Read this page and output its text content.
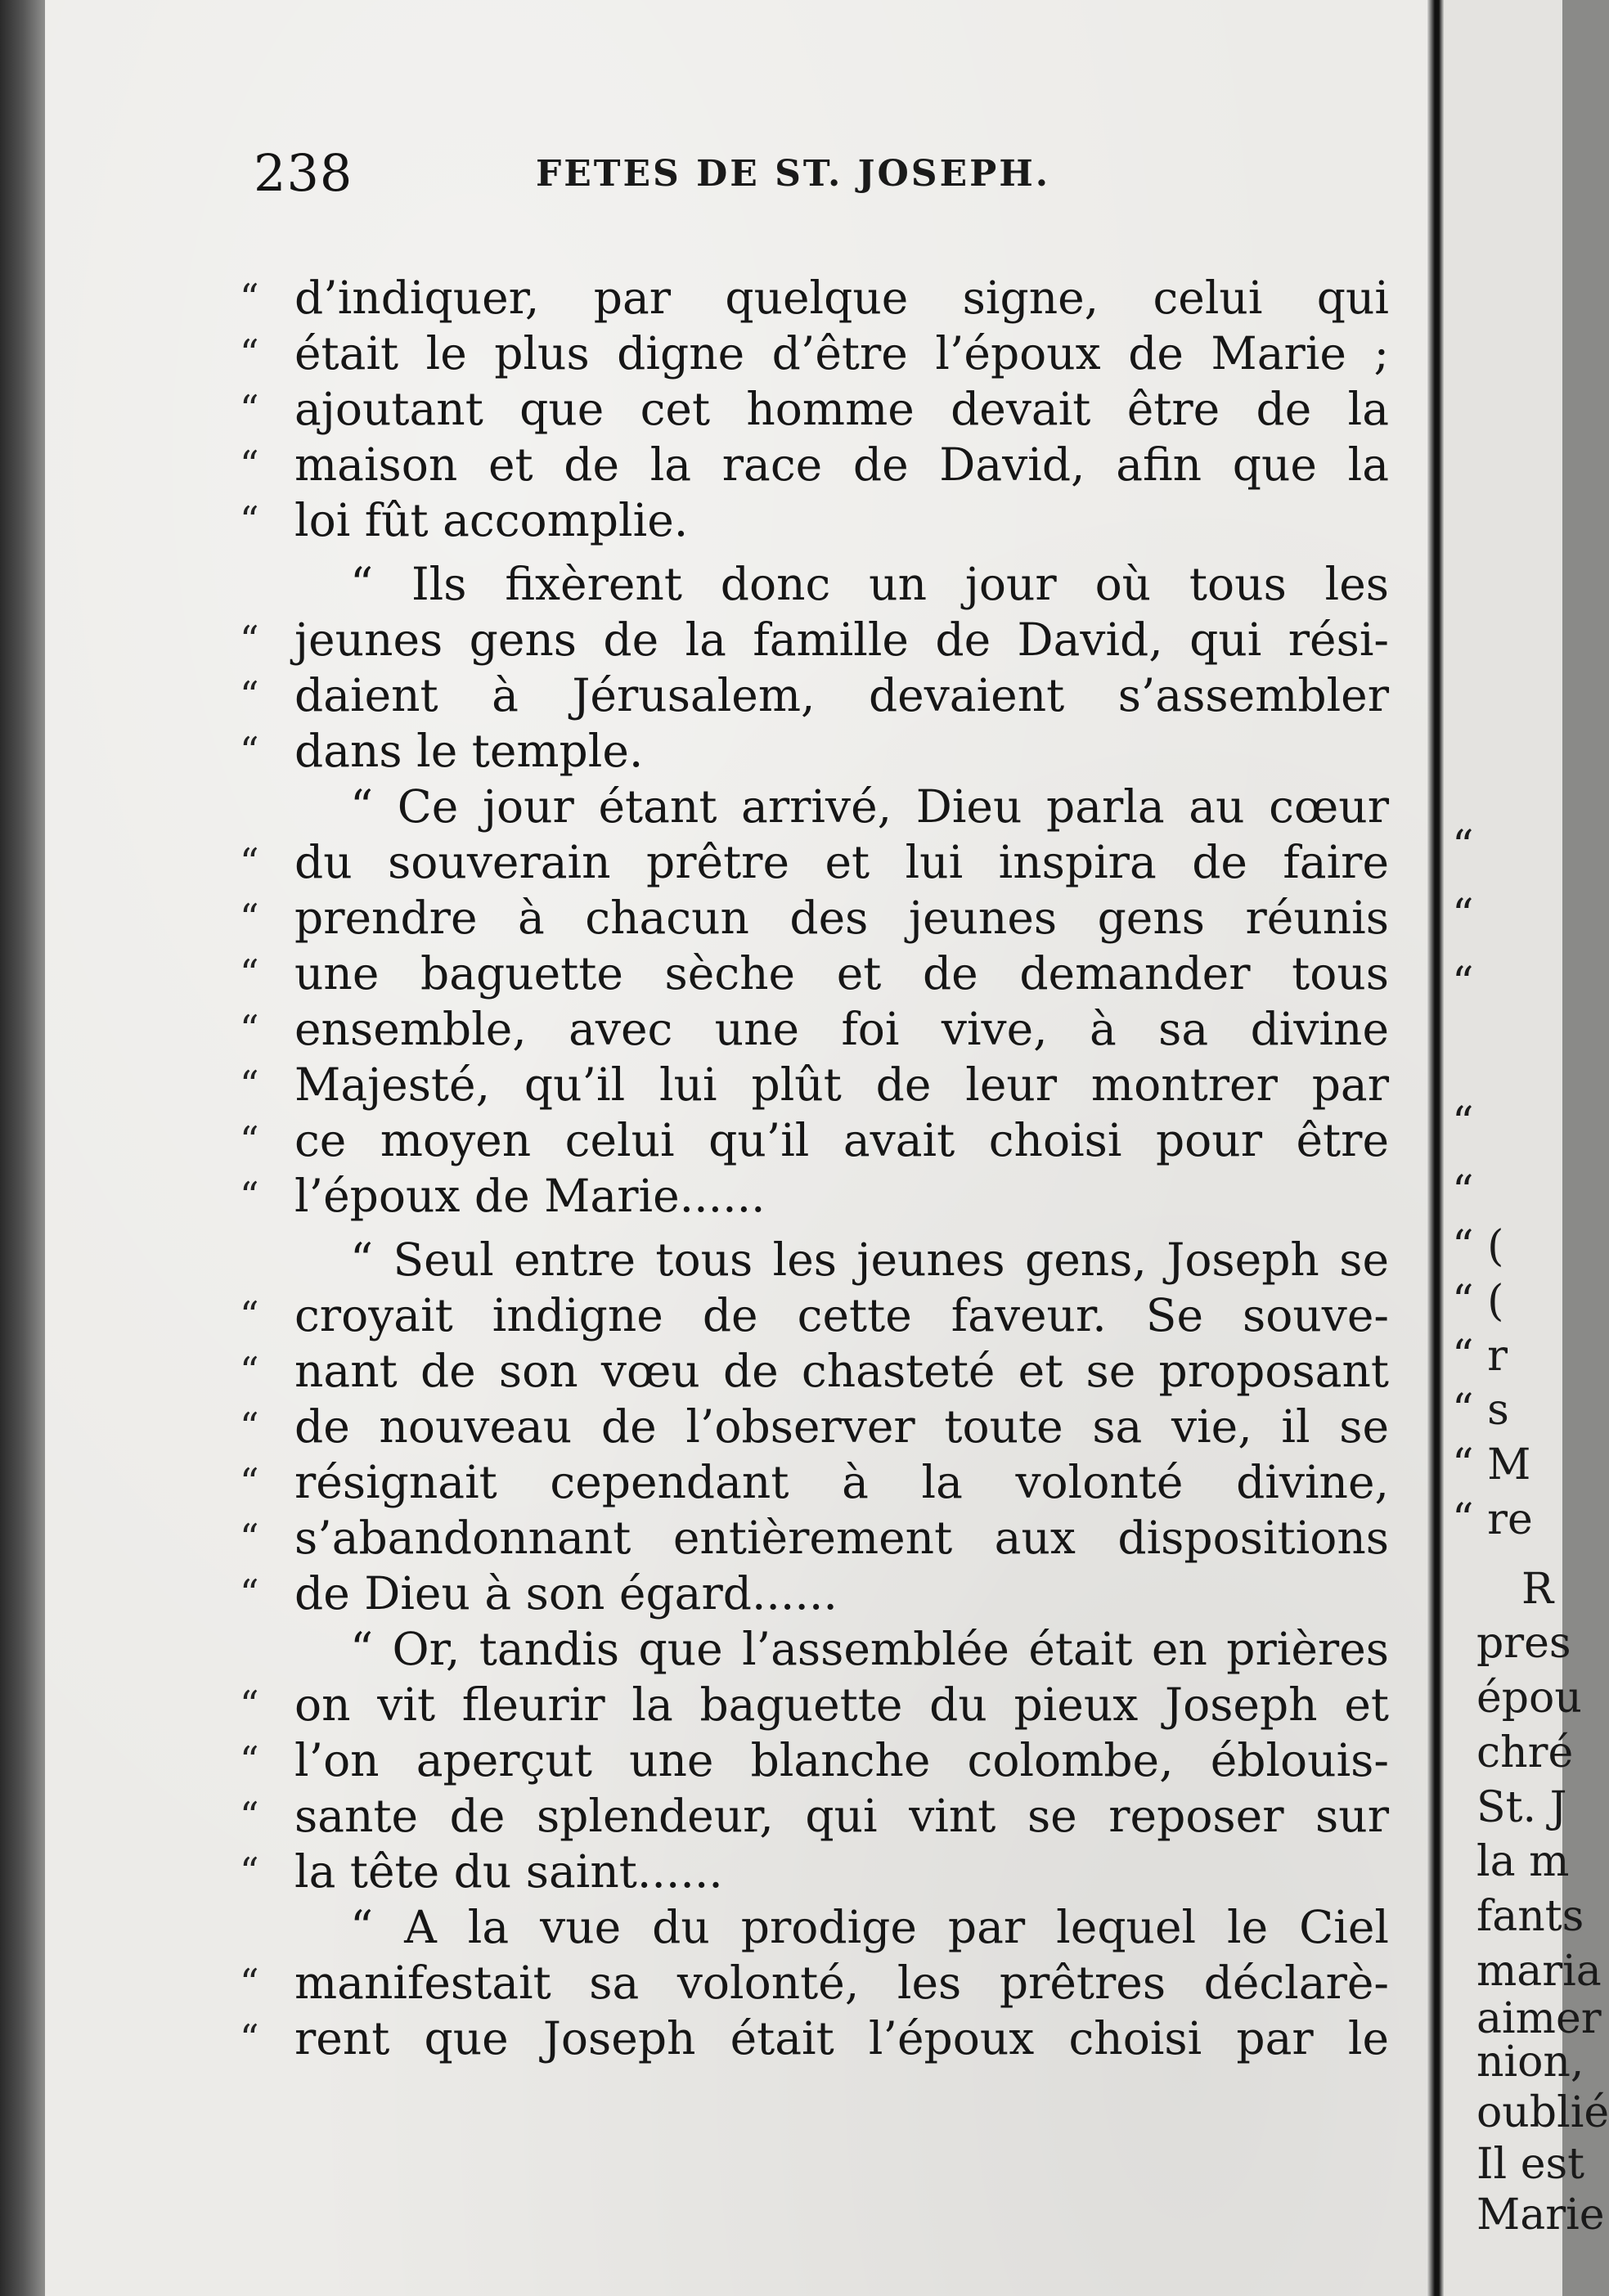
“
“
“
“
“
“ (
“ (
“ r
“ s
“ M
“ re
R
pres
épou
chré
St. J
la m
fants
maria
aimer
nion,
oublié
Il est
Marie
238	FETES DE ST. JOSEPH.
“ d’indiquer, par quelque signe, celui qui
“ était le plus digne d’être l’époux de Marie ;
“ ajoutant que cet homme devait être de la
“ maison et de la race de David, afin que la
“ loi fût accomplie.
“ Ils fixèrent donc un jour où tous les
“ jeunes gens de la famille de David, qui rési-
“ daient à Jérusalem, devaient s’assembler
“ dans le temple.
“ Ce jour étant arrivé, Dieu parla au cœur
“ du souverain prêtre et lui inspira de faire
“ prendre à chacun des jeunes gens réunis
“ une baguette sèche et de demander tous
“ ensemble, avec une foi vive, à sa divine
“ Majesté, qu’il lui plût de leur montrer par
“ ce moyen celui qu’il avait choisi pour être
“ l’époux de Marie......
“ Seul entre tous les jeunes gens, Joseph se
“ croyait indigne de cette faveur. Se souve-
“ nant de son vœu de chasteté et se proposant
“ de nouveau de l’observer toute sa vie, il se
“ résignait cependant à la volonté divine,
“ s’abandonnant entièrement aux dispositions
“ de Dieu à son égard......
“ Or, tandis que l’assemblée était en prières
“ on vit fleurir la baguette du pieux Joseph et
“ l’on aperçut une blanche colombe, éblouis-
“ sante de splendeur, qui vint se reposer sur
“ la tête du saint......
“ A la vue du prodige par lequel le Ciel
“ manifestait sa volonté, les prêtres déclarè-
“ rent que Joseph était l’époux choisi par le
